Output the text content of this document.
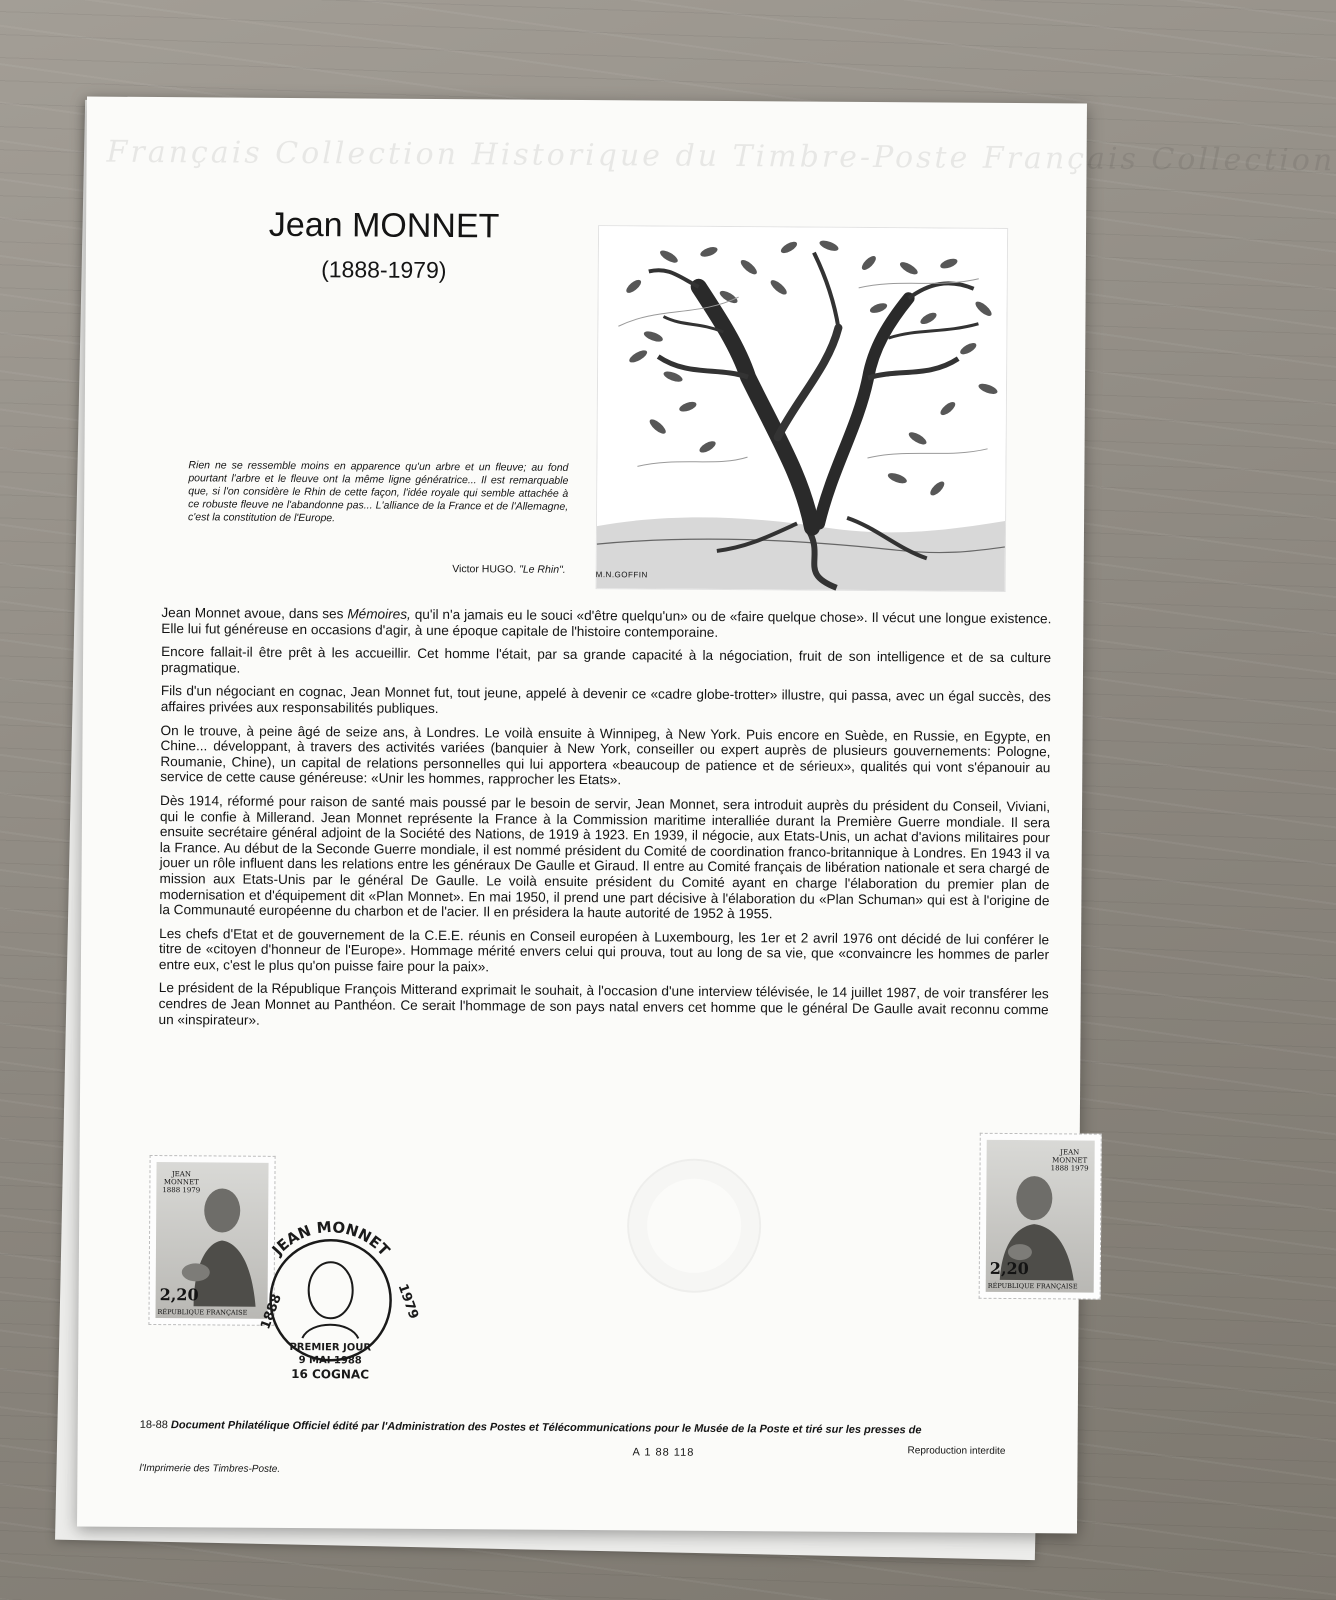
Français Collection Historique du Timbre-Poste Français Collection
Jean MONNET
(1888-1979)
M.N.GOFFIN
Rien ne se ressemble moins en apparence qu'un arbre et un fleuve; au fond pourtant l'arbre et le fleuve ont la même ligne génératrice... Il est remarquable que, si l'on considère le Rhin de cette façon, l'idée royale qui semble attachée à ce robuste fleuve ne l'abandonne pas... L'alliance de la France et de l'Allemagne, c'est la constitution de l'Europe.
Victor HUGO. "Le Rhin".

Jean Monnet avoue, dans ses Mémoires, qu'il n'a jamais eu le souci «d'être quelqu'un» ou de «faire quelque chose». Il vécut une longue existence. Elle lui fut généreuse en occasions d'agir, à une époque capitale de l'histoire contemporaine.

Encore fallait-il être prêt à les accueillir. Cet homme l'était, par sa grande capacité à la négociation, fruit de son intelligence et de sa culture pragmatique.

Fils d'un négociant en cognac, Jean Monnet fut, tout jeune, appelé à devenir ce «cadre globe-trotter» illustre, qui passa, avec un égal succès, des affaires privées aux responsabilités publiques.

On le trouve, à peine âgé de seize ans, à Londres. Le voilà ensuite à Winnipeg, à New York. Puis encore en Suède, en Russie, en Egypte, en Chine... développant, à travers des activités variées (banquier à New York, conseiller ou expert auprès de plusieurs gouvernements: Pologne, Roumanie, Chine), un capital de relations personnelles qui lui apportera «beaucoup de patience et de sérieux», qualités qui vont s'épanouir au service de cette cause généreuse: «Unir les hommes, rapprocher les Etats».

Dès 1914, réformé pour raison de santé mais poussé par le besoin de servir, Jean Monnet, sera introduit auprès du président du Conseil, Viviani, qui le confie à Millerand. Jean Monnet représente la France à la Commission maritime interalliée durant la Première Guerre mondiale. Il sera ensuite secrétaire général adjoint de la Société des Nations, de 1919 à 1923. En 1939, il négocie, aux Etats-Unis, un achat d'avions militaires pour la France. Au début de la Seconde Guerre mondiale, il est nommé président du Comité de coordination franco-britannique à Londres. En 1943 il va jouer un rôle influent dans les relations entre les généraux De Gaulle et Giraud. Il entre au Comité français de libération nationale et sera chargé de mission aux Etats-Unis par le général De Gaulle. Le voilà ensuite président du Comité ayant en charge l'élaboration du premier plan de modernisation et d'équipement dit «Plan Monnet». En mai 1950, il prend une part décisive à l'élaboration du «Plan Schuman» qui est à l'origine de la Communauté européenne du charbon et de l'acier. Il en présidera la haute autorité de 1952 à 1955.

Les chefs d'Etat et de gouvernement de la C.E.E. réunis en Conseil européen à Luxembourg, les 1er et 2 avril 1976 ont décidé de lui conférer le titre de «citoyen d'honneur de l'Europe». Hommage mérité envers celui qui prouva, tout au long de sa vie, que «convaincre les hommes de parler entre eux, c'est le plus qu'on puisse faire pour la paix».

Le président de la République François Mitterand exprimait le souhait, à l'occasion d'une interview télévisée, le 14 juillet 1987, de voir transférer les cendres de Jean Monnet au Panthéon. Ce serait l'hommage de son pays natal envers cet homme que le général De Gaulle avait reconnu comme un «inspirateur».

JEAN
MONNET
1888 1979
2,20
RÉPUBLIQUE FRANÇAISE
JEAN MONNET
1888	1979
PREMIER JOUR
9 MAI 1988
16 COGNAC
JEAN
MONNET
1888 1979
2,20
RÉPUBLIQUE FRANÇAISE
18-88 Document Philatélique Officiel édité par l'Administration des Postes et Télécommunications pour le Musée de la Poste et tiré sur les presses de
Reproduction interdite
A 1 88 118
l'Imprimerie des Timbres-Poste.
